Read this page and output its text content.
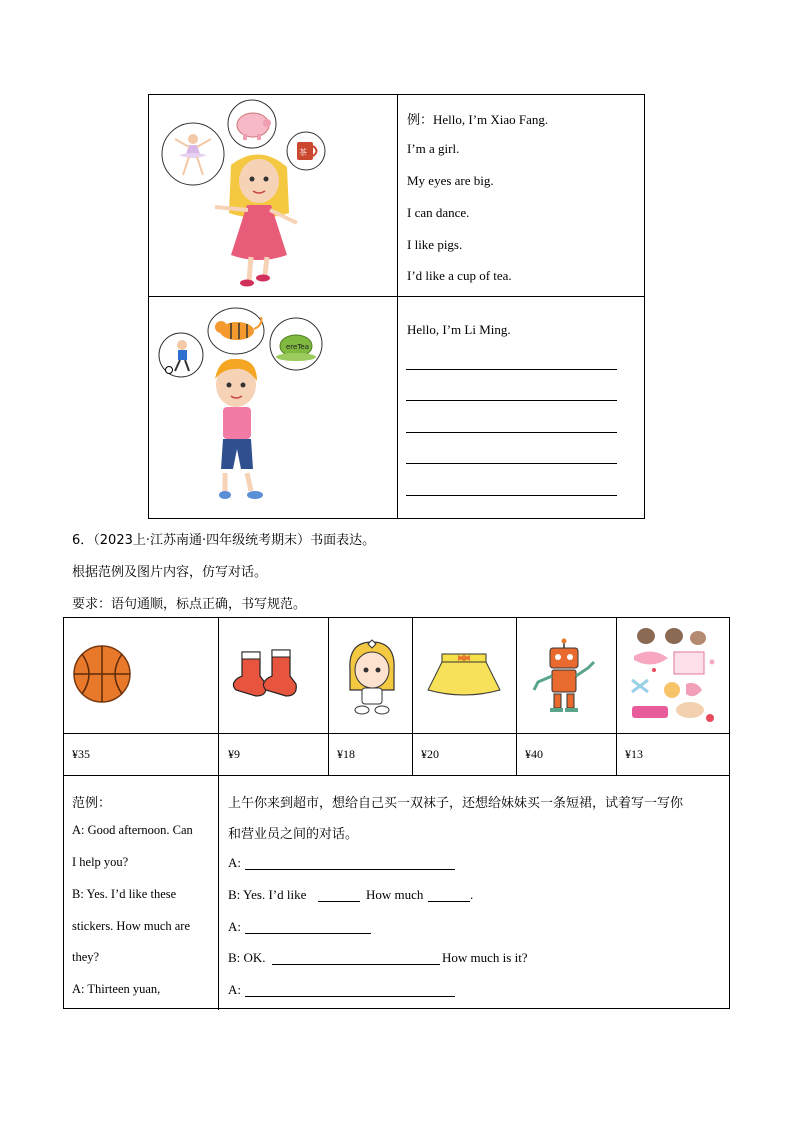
茶
例：Hello, I’m Xiao Fang.
I’m a girl.
My eyes are big.
I can dance.
I like pigs.
I’d like a cup of tea.
ereTea
Hello, I’m Li Ming.
6．（2023上·江苏南通·四年级统考期末）书面表达。
根据范例及图片内容，仿写对话。
要求：语句通顺，标点正确，书写规范。
¥35	¥9	¥18	¥20	¥40	¥13
范例：
A: Good afternoon. Can
I help you?
B: Yes. I’d like these
stickers. How much are
they?
A: Thirteen yuan,
上午你来到超市，想给自己买一双袜子，还想给妹妹买一条短裙，试着写一写你
和营业员之间的对话。
A:
B: Yes. I’d like	How much	.
A:
B: OK.	How much is it?
A:
